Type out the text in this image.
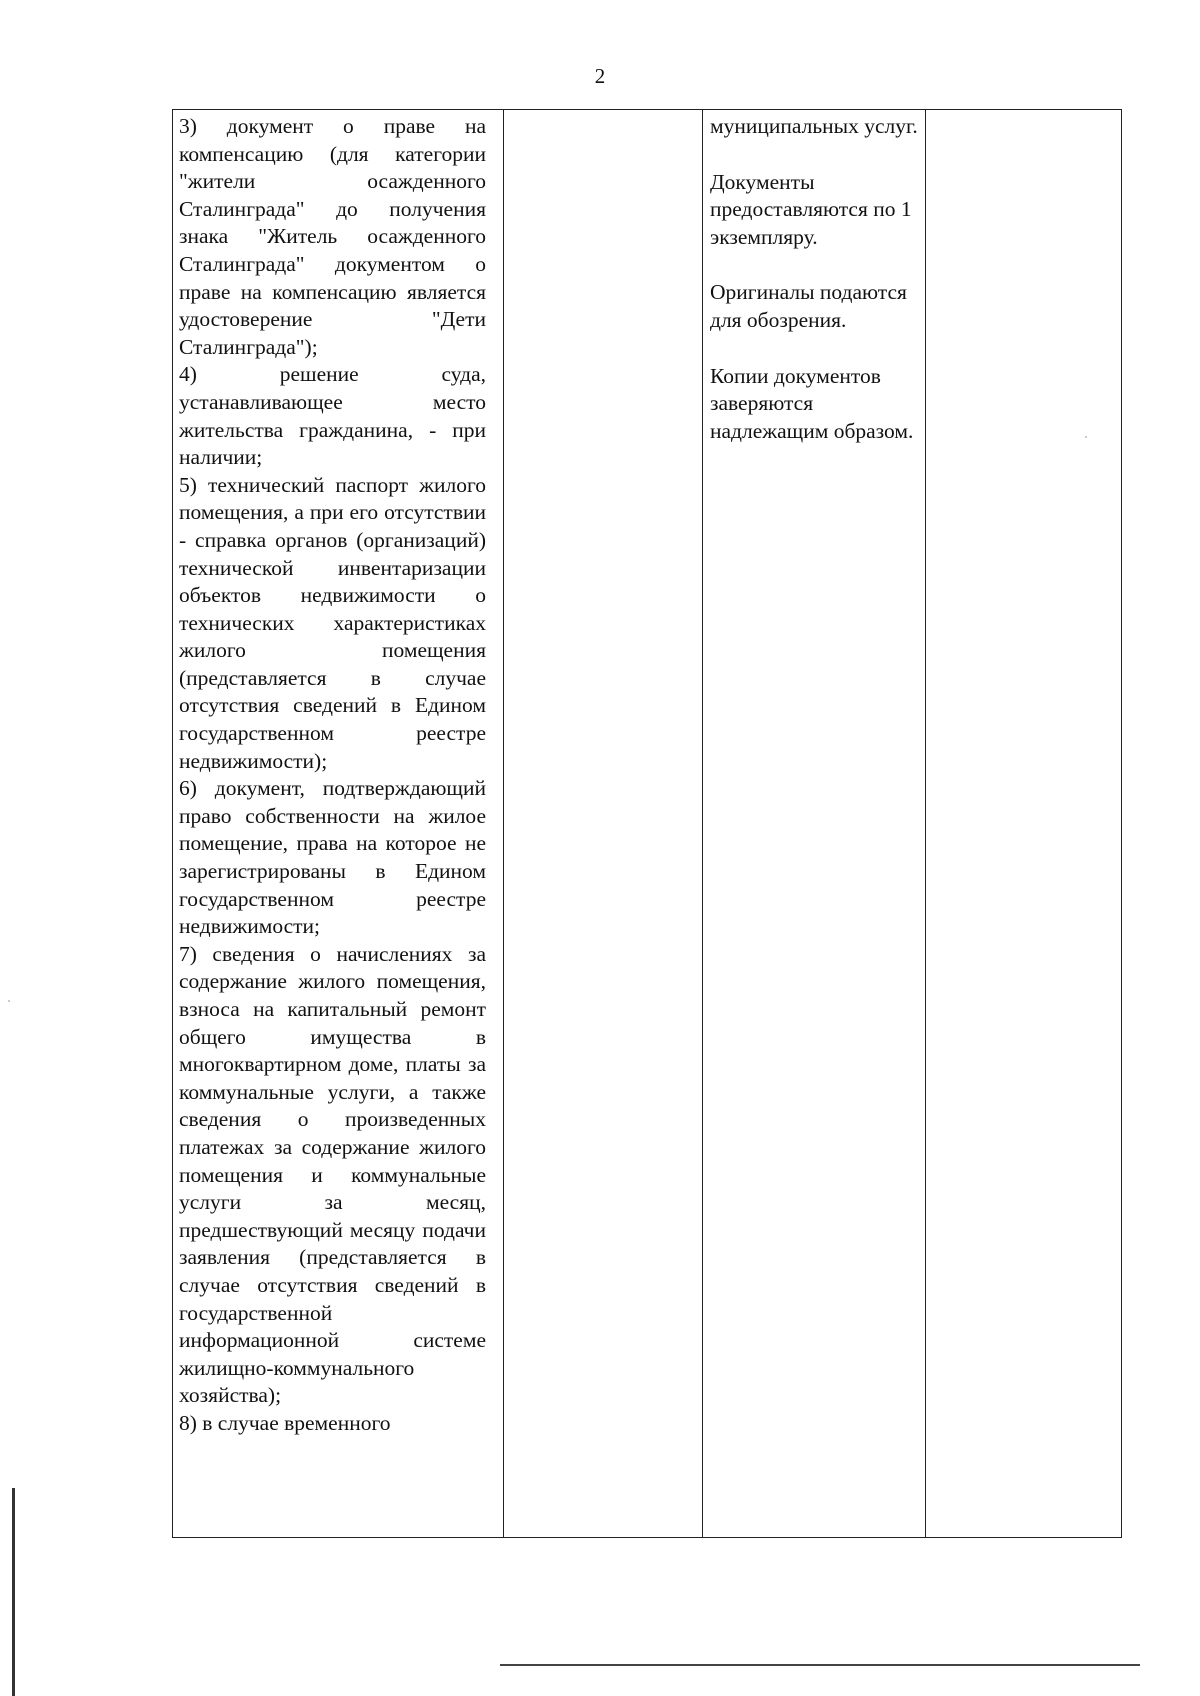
2

3) документ о праве на компенсацию (для категории "жители осажденного Сталинграда" до получения знака "Житель осажденного Сталинграда" документом о праве на компенсацию является удостоверение "Дети Сталинграда");

4) решение суда, устанавливающее место жительства гражданина, - при наличии;

5) технический паспорт жилого помещения, а при его отсутствии - справка органов (организаций) технической инвентаризации объектов недвижимости о технических характеристиках жилого помещения (представляется в случае отсутствия сведений в Едином государственном реестре недвижимости);

6) документ, подтверждающий право собственности на жилое помещение, права на которое не зарегистрированы в Едином государственном реестре недвижимости;

7) сведения о начислениях за содержание жилого помещения, взноса на капитальный ремонт общего имущества в многоквартирном доме, платы за коммунальные услуги, а также сведения о произведенных платежах за содержание жилого помещения и коммунальные услуги за месяц, предшествующий месяцу подачи заявления (представляется в случае отсутствия сведений в государственной информационной системе жилищно-коммунального хозяйства);

8) в случае временного

муниципальных услуг.

Документы предоставляются по 1 экземпляру.

Оригиналы подаются для обозрения.

Копии документов заверяются надлежащим образом.
